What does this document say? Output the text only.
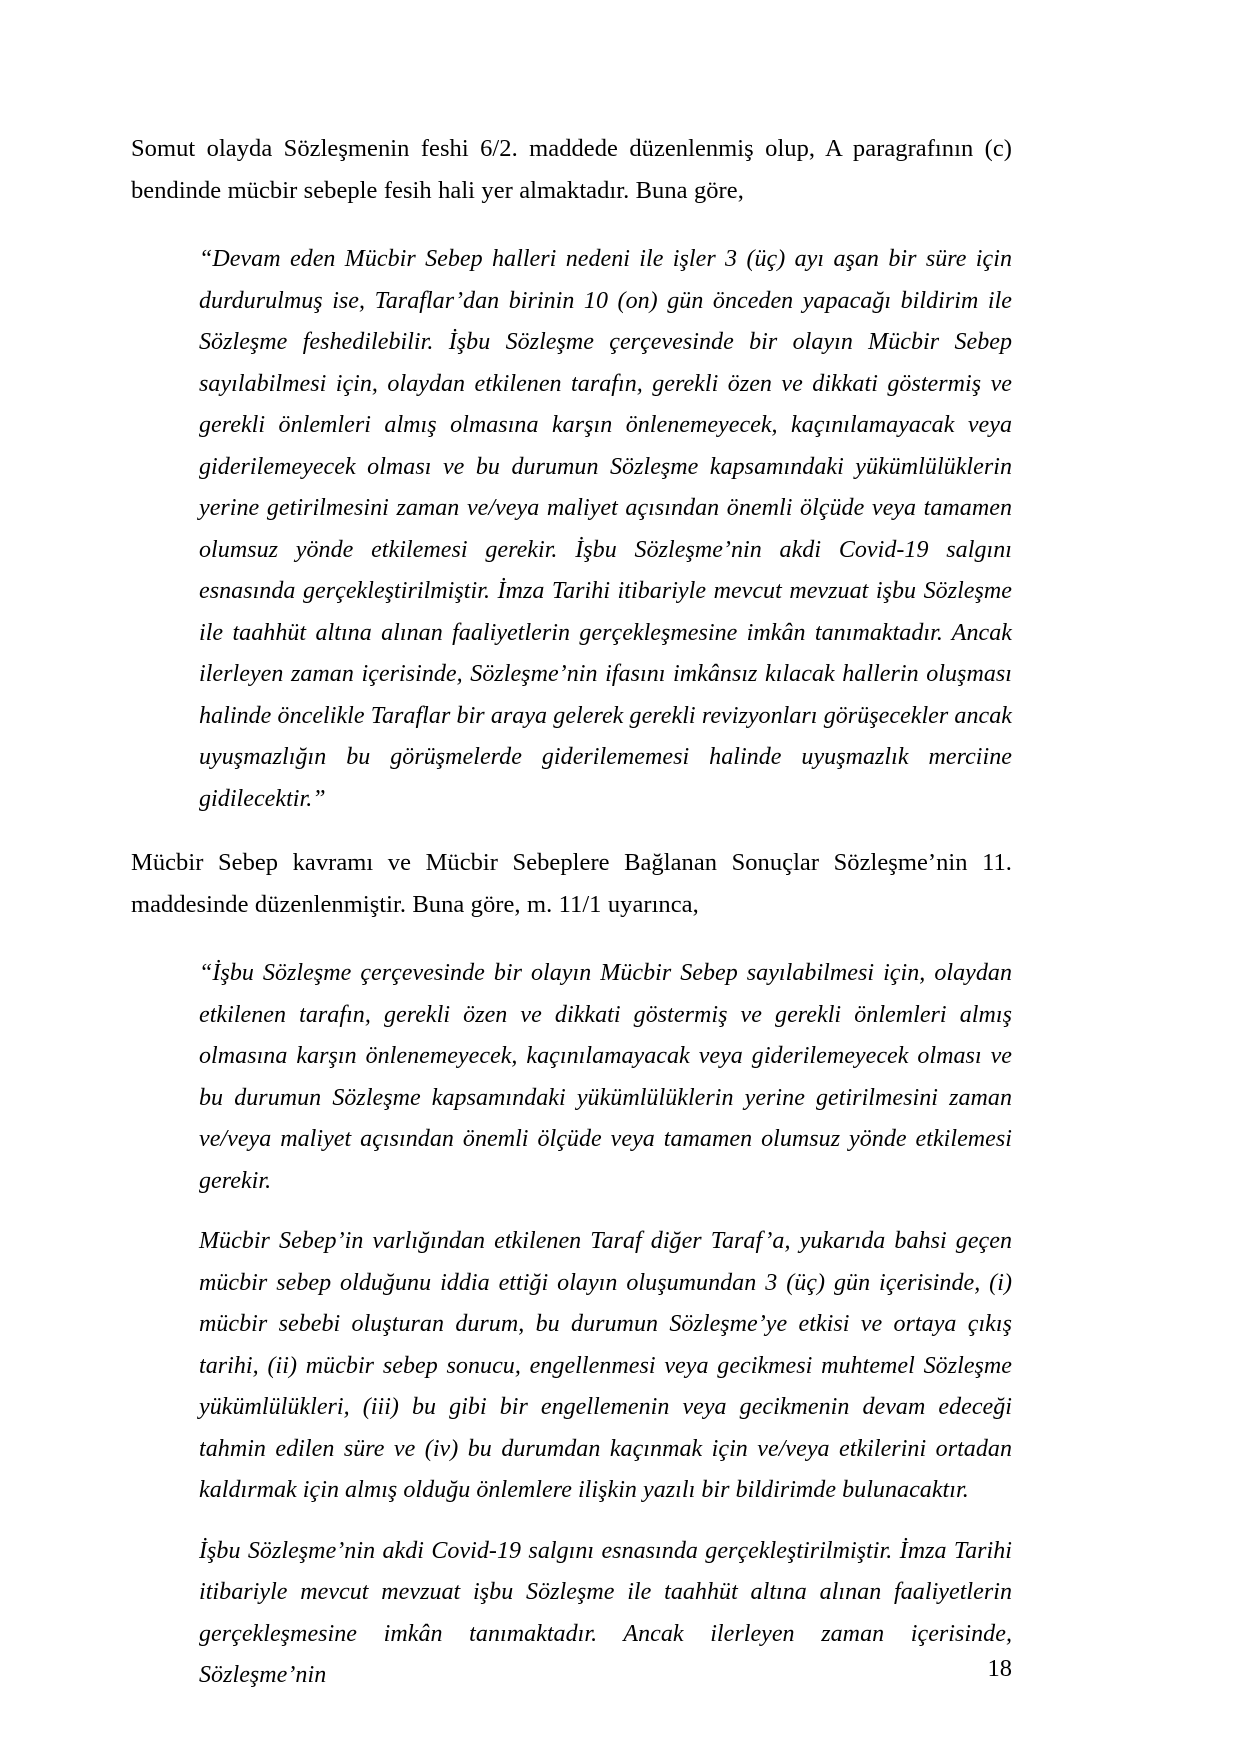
Somut olayda Sözleşmenin feshi 6/2. maddede düzenlenmiş olup, A paragrafının (c) bendinde mücbir sebeple fesih hali yer almaktadır. Buna göre,

“Devam eden Mücbir Sebep halleri nedeni ile işler 3 (üç) ayı aşan bir süre için durdurulmuş ise, Taraflar’dan birinin 10 (on) gün önceden yapacağı bildirim ile Sözleşme feshedilebilir. İşbu Sözleşme çerçevesinde bir olayın Mücbir Sebep sayılabilmesi için, olaydan etkilenen tarafın, gerekli özen ve dikkati göstermiş ve gerekli önlemleri almış olmasına karşın önlenemeyecek, kaçınılamayacak veya giderilemeyecek olması ve bu durumun Sözleşme kapsamındaki yükümlülüklerin yerine getirilmesini zaman ve/veya maliyet açısından önemli ölçüde veya tamamen olumsuz yönde etkilemesi gerekir. İşbu Sözleşme’nin akdi Covid-19 salgını esnasında gerçekleştirilmiştir. İmza Tarihi itibariyle mevcut mevzuat işbu Sözleşme ile taahhüt altına alınan faaliyetlerin gerçekleşmesine imkân tanımaktadır. Ancak ilerleyen zaman içerisinde, Sözleşme’nin ifasını imkânsız kılacak hallerin oluşması halinde öncelikle Taraflar bir araya gelerek gerekli revizyonları görüşecekler ancak uyuşmazlığın bu görüşmelerde giderilememesi halinde uyuşmazlık merciine gidilecektir.”

Mücbir Sebep kavramı ve Mücbir Sebeplere Bağlanan Sonuçlar Sözleşme’nin 11. maddesinde düzenlenmiştir. Buna göre, m. 11/1 uyarınca,

“İşbu Sözleşme çerçevesinde bir olayın Mücbir Sebep sayılabilmesi için, olaydan etkilenen tarafın, gerekli özen ve dikkati göstermiş ve gerekli önlemleri almış olmasına karşın önlenemeyecek, kaçınılamayacak veya giderilemeyecek olması ve bu durumun Sözleşme kapsamındaki yükümlülüklerin yerine getirilmesini zaman ve/veya maliyet açısından önemli ölçüde veya tamamen olumsuz yönde etkilemesi gerekir.

Mücbir Sebep’in varlığından etkilenen Taraf diğer Taraf’a, yukarıda bahsi geçen mücbir sebep olduğunu iddia ettiği olayın oluşumundan 3 (üç) gün içerisinde, (i) mücbir sebebi oluşturan durum, bu durumun Sözleşme’ye etkisi ve ortaya çıkış tarihi, (ii) mücbir sebep sonucu, engellenmesi veya gecikmesi muhtemel Sözleşme yükümlülükleri, (iii) bu gibi bir engellemenin veya gecikmenin devam edeceği tahmin edilen süre ve (iv) bu durumdan kaçınmak için ve/veya etkilerini ortadan kaldırmak için almış olduğu önlemlere ilişkin yazılı bir bildirimde bulunacaktır.

İşbu Sözleşme’nin akdi Covid-19 salgını esnasında gerçekleştirilmiştir. İmza Tarihi itibariyle mevcut mevzuat işbu Sözleşme ile taahhüt altına alınan faaliyetlerin gerçekleşmesine imkân tanımaktadır. Ancak ilerleyen zaman içerisinde, Sözleşme’nin	18
